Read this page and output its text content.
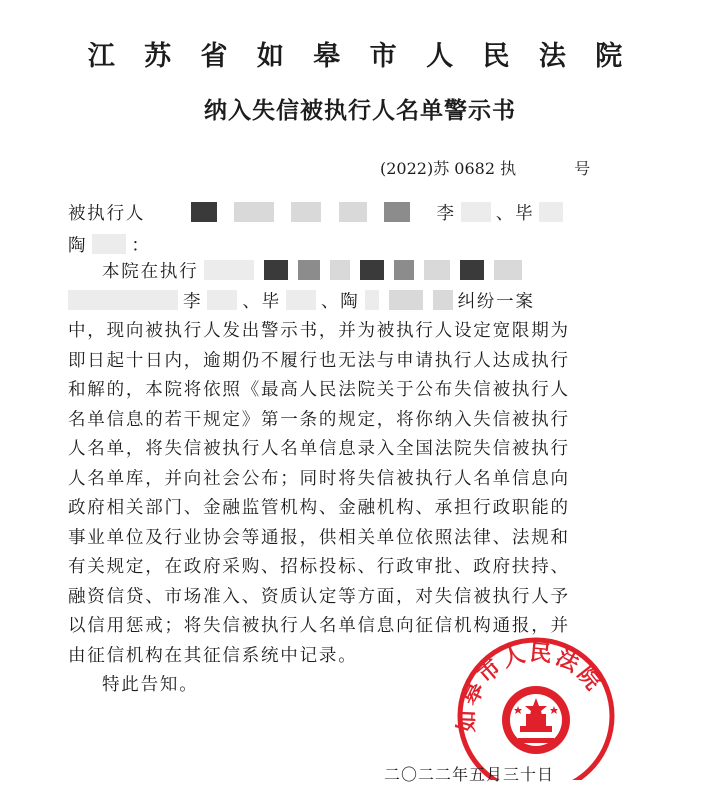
江 苏 省 如 皋 市 人 民 法 院
纳入失信被执行人名单警示书
(2022)苏 0682 执	号
被执行人	李 、毕
陶	：
本院在执行
李 、毕 、陶	纠纷一案
中，现向被执行人发出警示书，并为被执行人设定宽限期为
即日起十日内，逾期仍不履行也无法与申请执行人达成执行
和解的，本院将依照《最高人民法院关于公布失信被执行人
名单信息的若干规定》第一条的规定，将你纳入失信被执行
人名单，将失信被执行人名单信息录入全国法院失信被执行
人名单库，并向社会公布；同时将失信被执行人名单信息向
政府相关部门、金融监管机构、金融机构、承担行政职能的
事业单位及行业协会等通报，供相关单位依照法律、法规和
有关规定，在政府采购、招标投标、行政审批、政府扶持、
融资信贷、市场准入、资质认定等方面，对失信被执行人予
以信用惩戒；将失信被执行人名单信息向征信机构通报，并
由征信机构在其征信系统中记录。
特此告知。
如皋市人民法院
二〇二二年五月三十日
